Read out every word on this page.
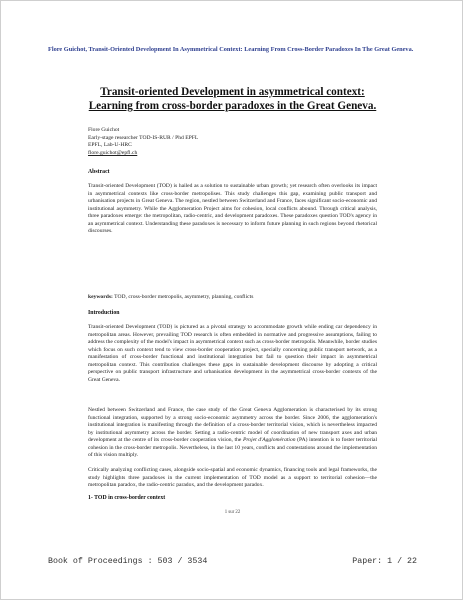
Flore Guichot, Transit-Oriented Development In Asymmetrical Context: Learning From Cross-Border Paradoxes In The Great Geneva.
Transit-oriented Development in asymmetrical context:
Learning from cross-border paradoxes in the Great Geneva.
Flore Guichot
Early-stage researcher TOD-IS-RUR / Phd EPFL
EPFL, Lab-U-HRC
flore.guichot@epfl.ch
Abstract

Transit-oriented Development (TOD) is hailed as a solution to sustainable urban growth; yet research often overlooks its impact in asymmetrical contexts like cross-border metropolises. This study challenges this gap, examining public transport and urbanisation projects in Great Geneva. The region, nestled between Switzerland and France, faces significant socio-economic and institutional asymmetry. While the Agglomeration Project aims for cohesion, local conflicts abound. Through critical analysis, three paradoxes emerge: the metropolitan, radio-centric, and development paradoxes. These paradoxes question TOD's agency in an asymmetrical context. Understanding these paradoxes is necessary to inform future planning in such regions beyond rhetorical discourses.

keywords: TOD, cross-border metropolis, asymmetry, planning, conflicts
Introduction

Transit-oriented Development (TOD) is pictured as a pivotal strategy to accommodate growth while ending car dependency in metropolitan areas. However, prevailing TOD research is often embedded in normative and progressive assumptions, failing to address the complexity of the model's impact in asymmetrical context such as cross-border metropolis. Meanwhile, border studies which focus on such context tend to view cross-border cooperation project, specially concerning public transport network, as a manifestation of cross-border functional and institutional integration but fail to question their impact in asymmetrical metropolitan context. This contribution challenges these gaps in sustainable development discourse by adopting a critical perspective on public transport infrastructure and urbanisation development in the asymmetrical cross-border contexts of the Great Geneva.

Nestled between Switzerland and France, the case study of the Great Geneva Agglomeration is characterised by its strong functional integration, supported by a strong socio-economic asymmetry across the border. Since 2006, the agglomeration's institutional integration is manifesting through the definition of a cross-border territorial vision, which is nevertheless impacted by institutional asymmetry across the border. Setting a radio-centric model of coordination of new transport axes and urban development at the centre of its cross-border cooperation vision, the Projet d'Agglomération (PA) intention is to foster territorial cohesion in the cross-border metropolis. Nevertheless, in the last 10 years, conflicts and contestations around the implementation of this vision multiply.

Critically analyzing conflicting cases, alongside socio-spatial and economic dynamics, financing tools and legal frameworks, the study highlights three paradoxes in the current implementation of TOD model as a support to territorial cohesion—the metropolitan paradox, the radio-centric paradox, and the development paradox.

1- TOD in cross-border context
1 sur 22
Book of Proceedings : 503 / 3534	Paper: 1 / 22
